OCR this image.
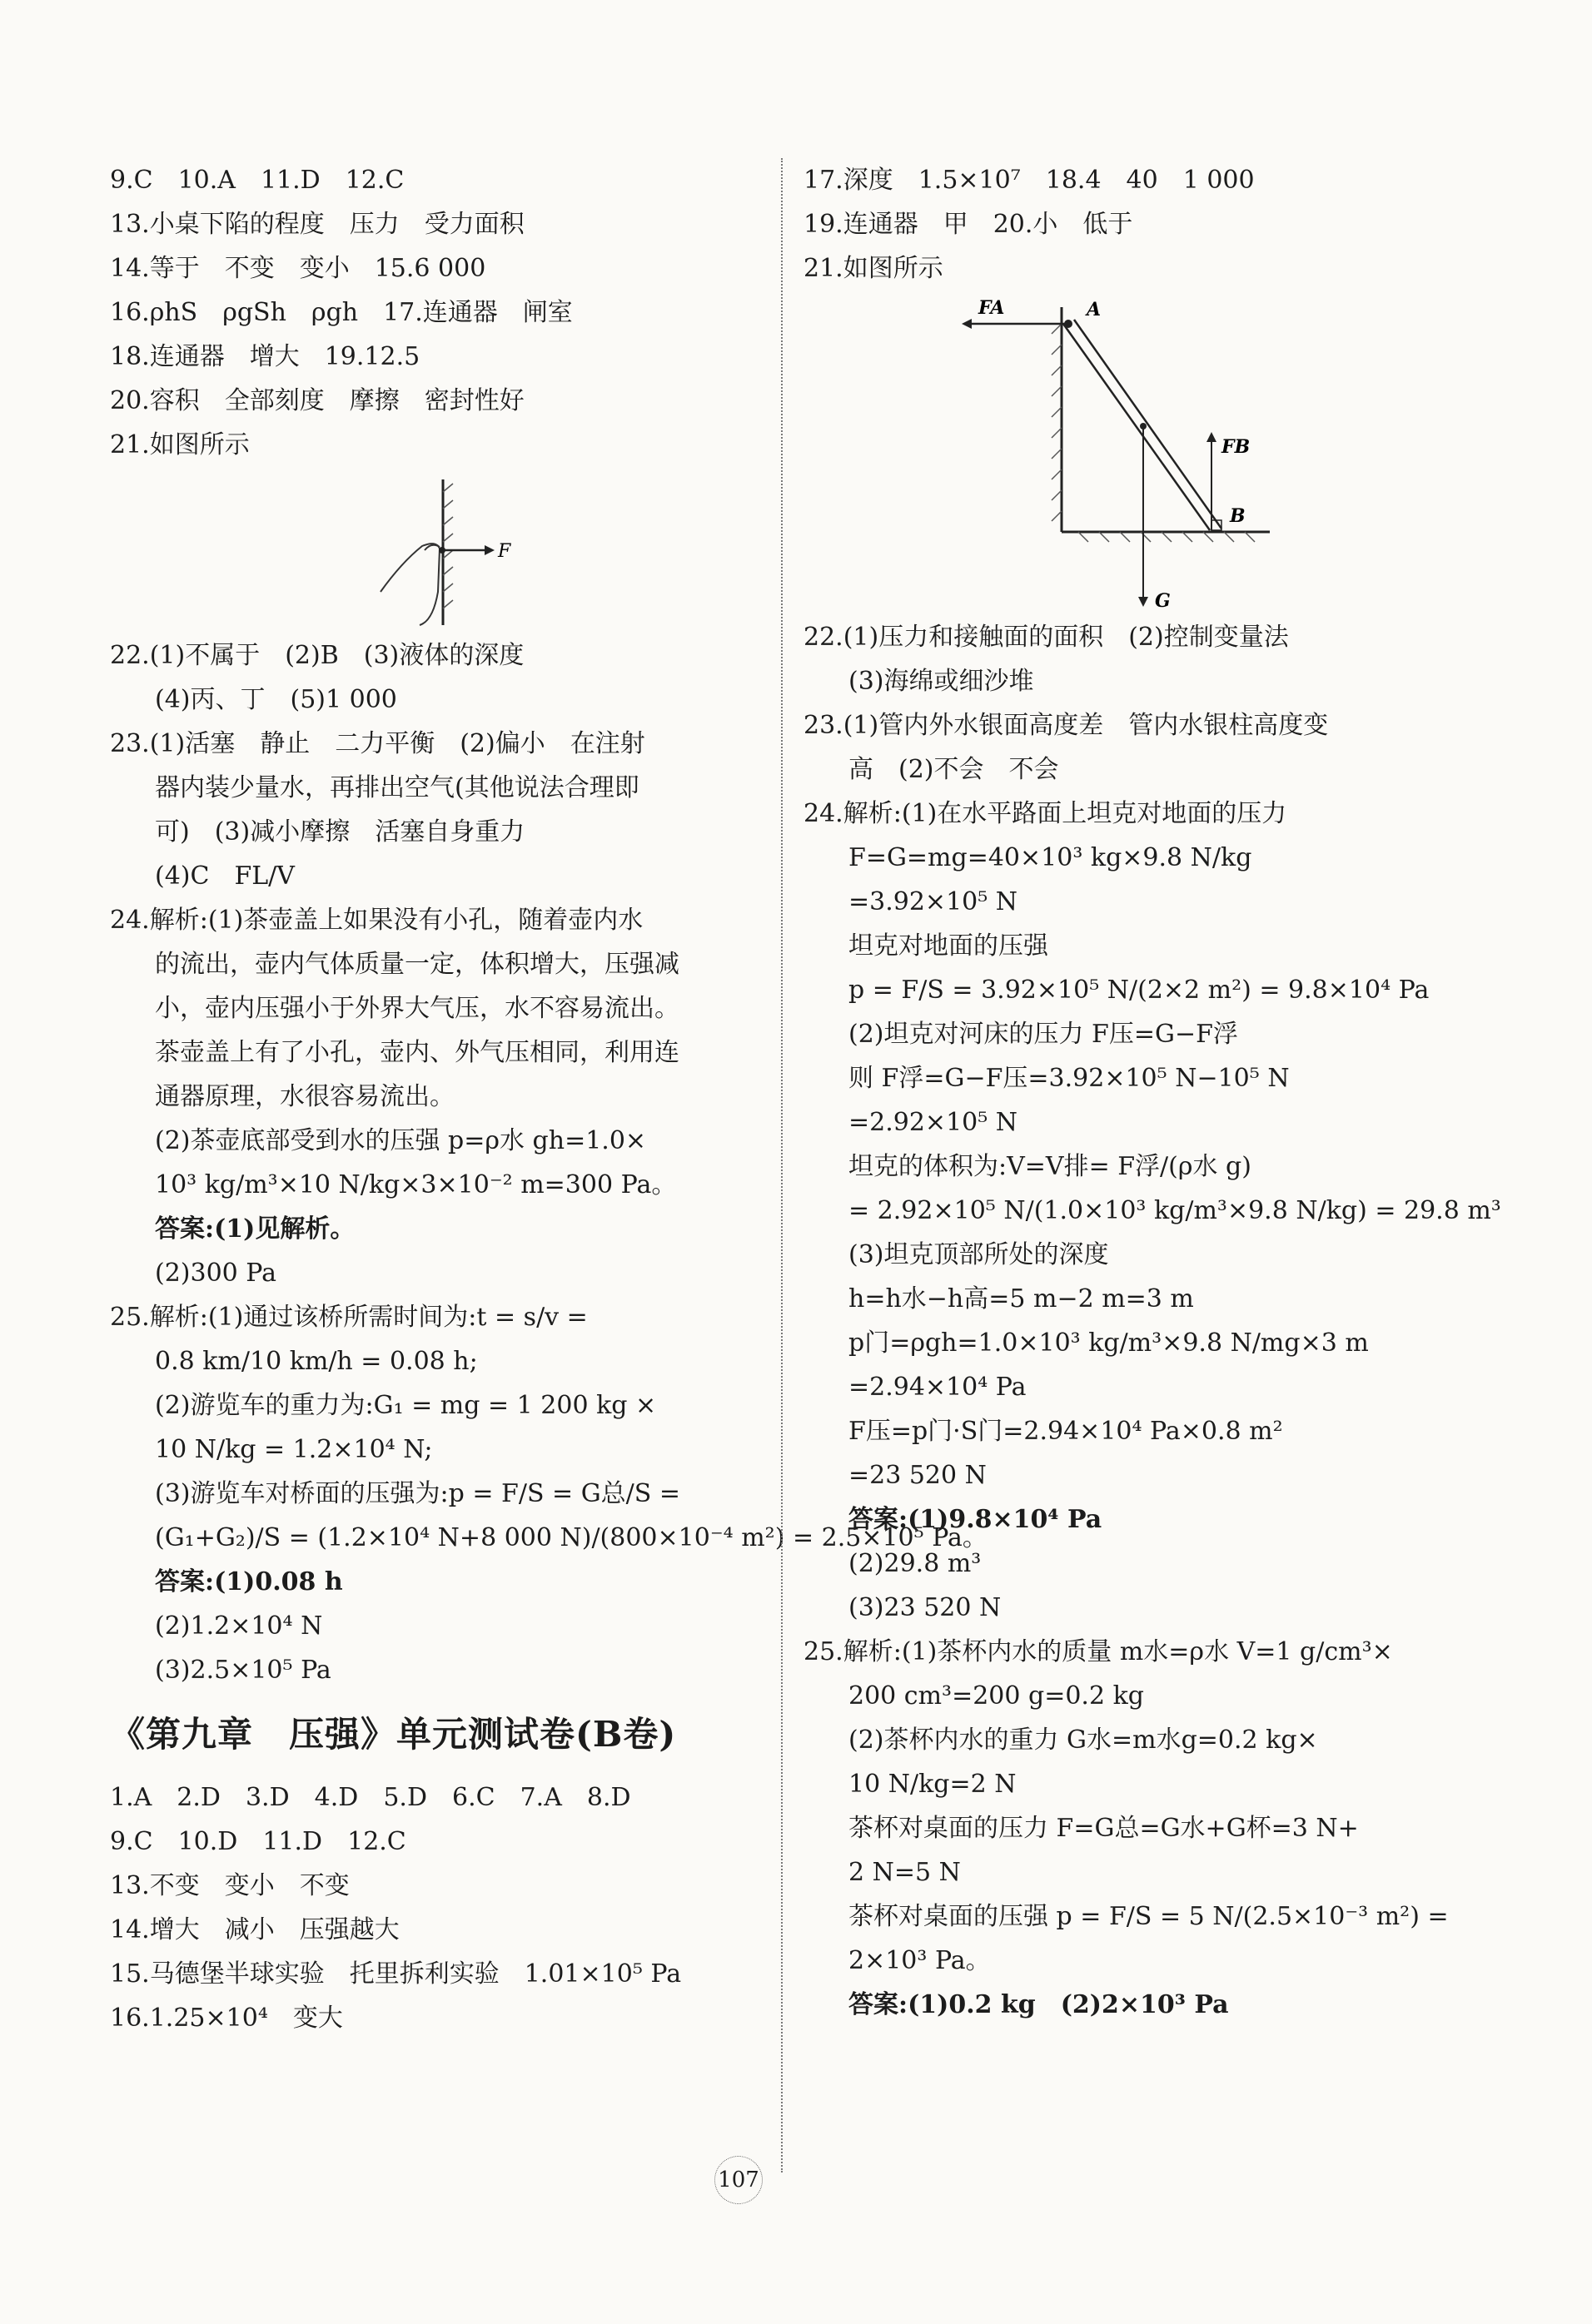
9.C　10.A　11.D　12.C
13.小桌下陷的程度　压力　受力面积
14.等于　不变　变小　15.6 000
16.ρhS　ρgSh　ρgh　17.连通器　闸室
18.连通器　增大　19.12.5
20.容积　全部刻度　摩擦　密封性好
21.如图所示
F
22.(1)不属于　(2)B　(3)液体的深度
(4)丙、丁　(5)1 000
23.(1)活塞　静止　二力平衡　(2)偏小　在注射
器内装少量水，再排出空气(其他说法合理即
可)　(3)减小摩擦　活塞自身重力
(4)C　FL/V
24.解析:(1)茶壶盖上如果没有小孔，随着壶内水
的流出，壶内气体质量一定，体积增大，压强减
小，壶内压强小于外界大气压，水不容易流出。
茶壶盖上有了小孔，壶内、外气压相同，利用连
通器原理，水很容易流出。
(2)茶壶底部受到水的压强 p=ρ水 gh=1.0×
10³ kg/m³×10 N/kg×3×10⁻² m=300 Pa。
答案:(1)见解析。
(2)300 Pa
25.解析:(1)通过该桥所需时间为:t = s/v =
0.8 km/10 km/h = 0.08 h;
(2)游览车的重力为:G₁ = mg = 1 200 kg ×
10 N/kg = 1.2×10⁴ N;
(3)游览车对桥面的压强为:p = F/S = G总/S =
(G₁+G₂)/S = (1.2×10⁴ N+8 000 N)/(800×10⁻⁴ m²) = 2.5×10⁵ Pa。
答案:(1)0.08 h
(2)1.2×10⁴ N
(3)2.5×10⁵ Pa
《第九章　压强》单元测试卷(B卷)
1.A　2.D　3.D　4.D　5.D　6.C　7.A　8.D
9.C　10.D　11.D　12.C
13.不变　变小　不变
14.增大　减小　压强越大
15.马德堡半球实验　托里拆利实验　1.01×10⁵ Pa
16.1.25×10⁴　变大
17.深度　1.5×10⁷　18.4　40　1 000
19.连通器　甲　20.小　低于
21.如图所示
FA	A
G
FB
B
22.(1)压力和接触面的面积　(2)控制变量法
(3)海绵或细沙堆
23.(1)管内外水银面高度差　管内水银柱高度变
高　(2)不会　不会
24.解析:(1)在水平路面上坦克对地面的压力
F=G=mg=40×10³ kg×9.8 N/kg
=3.92×10⁵ N
坦克对地面的压强
p = F/S = 3.92×10⁵ N/(2×2 m²) = 9.8×10⁴ Pa
(2)坦克对河床的压力 F压=G−F浮
则 F浮=G−F压=3.92×10⁵ N−10⁵ N
=2.92×10⁵ N
坦克的体积为:V=V排= F浮/(ρ水 g)
= 2.92×10⁵ N/(1.0×10³ kg/m³×9.8 N/kg) = 29.8 m³
(3)坦克顶部所处的深度
h=h水−h高=5 m−2 m=3 m
p门=ρgh=1.0×10³ kg/m³×9.8 N/mg×3 m
=2.94×10⁴ Pa
F压=p门·S门=2.94×10⁴ Pa×0.8 m²
=23 520 N
答案:(1)9.8×10⁴ Pa
(2)29.8 m³
(3)23 520 N
25.解析:(1)茶杯内水的质量 m水=ρ水 V=1 g/cm³×
200 cm³=200 g=0.2 kg
(2)茶杯内水的重力 G水=m水g=0.2 kg×
10 N/kg=2 N
茶杯对桌面的压力 F=G总=G水+G杯=3 N+
2 N=5 N
茶杯对桌面的压强 p = F/S = 5 N/(2.5×10⁻³ m²) =
2×10³ Pa。
答案:(1)0.2 kg　(2)2×10³ Pa
107
